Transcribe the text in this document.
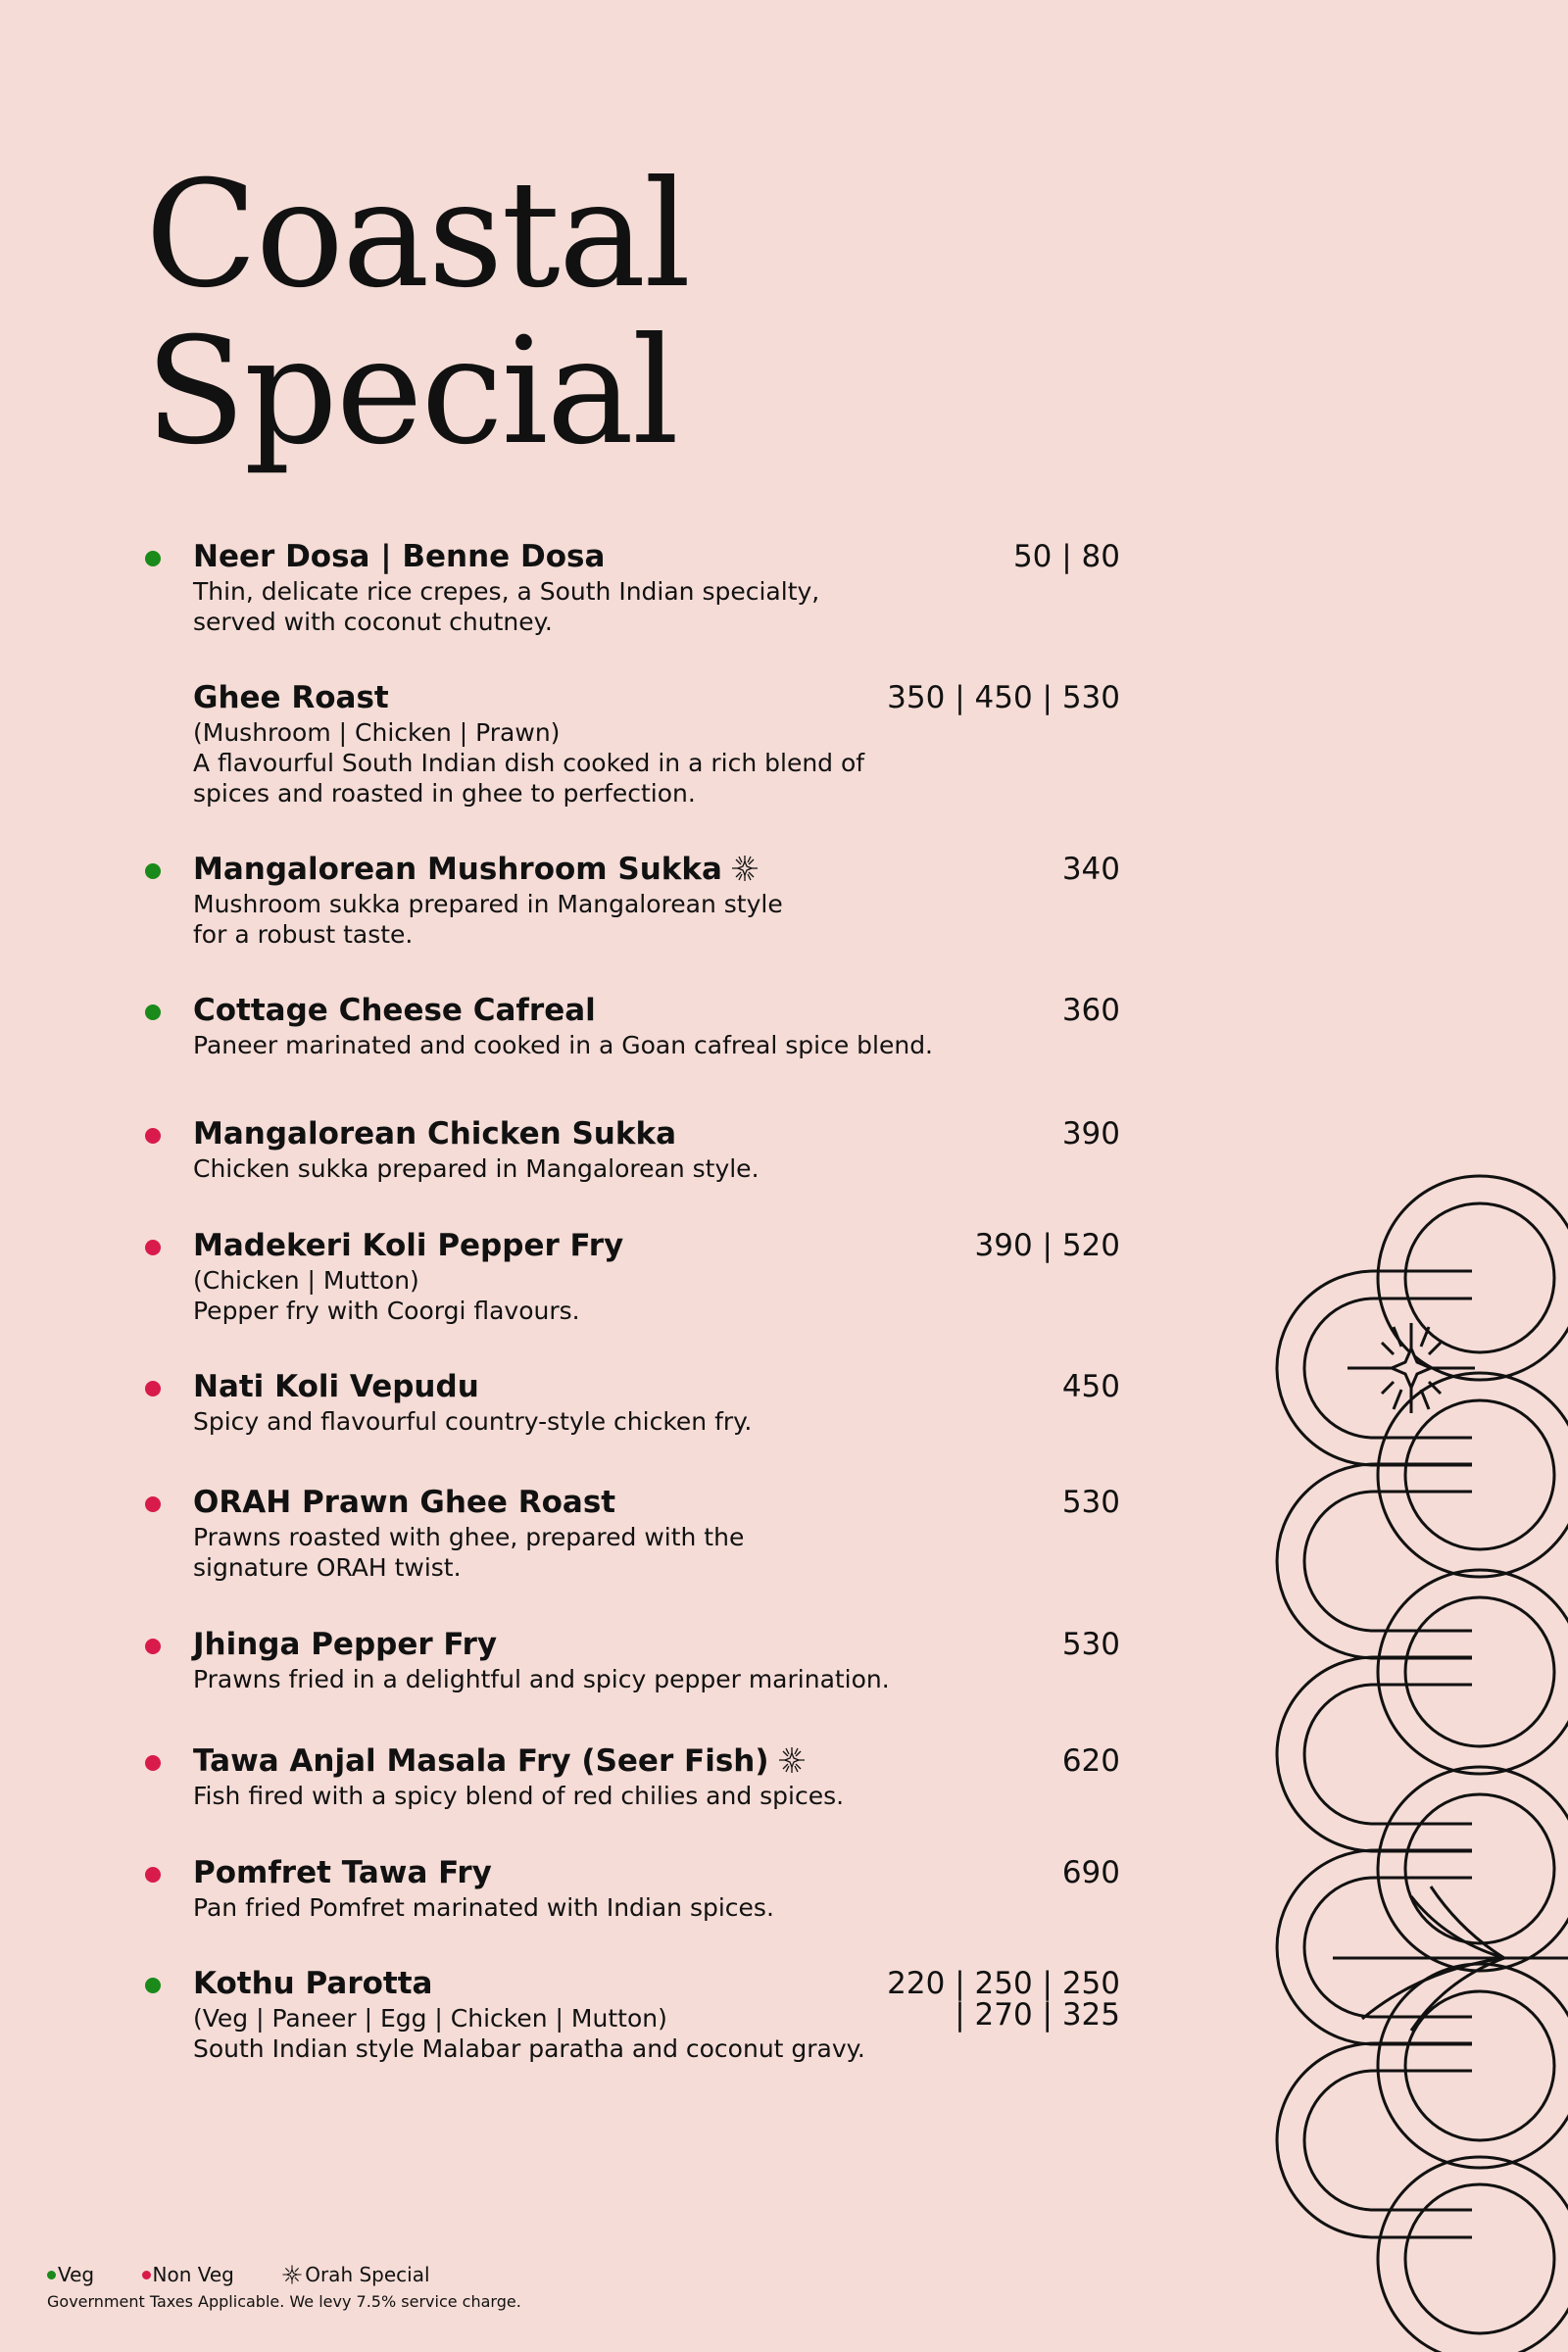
Coastal
Special
Neer Dosa | Benne Dosa	50 | 80
Thin, delicate rice crepes, a South Indian specialty,
served with coconut chutney.
Ghee Roast	350 | 450 | 530
(Mushroom | Chicken | Prawn)
A flavourful South Indian dish cooked in a rich blend of
spices and roasted in ghee to perfection.
Mangalorean Mushroom Sukka	340
Mushroom sukka prepared in Mangalorean style
for a robust taste.
Cottage Cheese Cafreal	360
Paneer marinated and cooked in a Goan cafreal spice blend.
Mangalorean Chicken Sukka	390
Chicken sukka prepared in Mangalorean style.
Madekeri Koli Pepper Fry	390 | 520
(Chicken | Mutton)
Pepper fry with Coorgi flavours.
Nati Koli Vepudu	450
Spicy and flavourful country-style chicken fry.
ORAH Prawn Ghee Roast	530
Prawns roasted with ghee, prepared with the
signature ORAH twist.
Jhinga Pepper Fry	530
Prawns fried in a delightful and spicy pepper marination.
Tawa Anjal Masala Fry (Seer Fish)	620
Fish fired with a spicy blend of red chilies and spices.
Pomfret Tawa Fry	690
Pan fried Pomfret marinated with Indian spices.
Kothu Parotta	220 | 250 | 250
| 270 | 325
(Veg | Paneer | Egg | Chicken | Mutton)
South Indian style Malabar paratha and coconut gravy.
Veg	Non Veg	Orah Special
Government Taxes Applicable. We levy 7.5% service charge.
